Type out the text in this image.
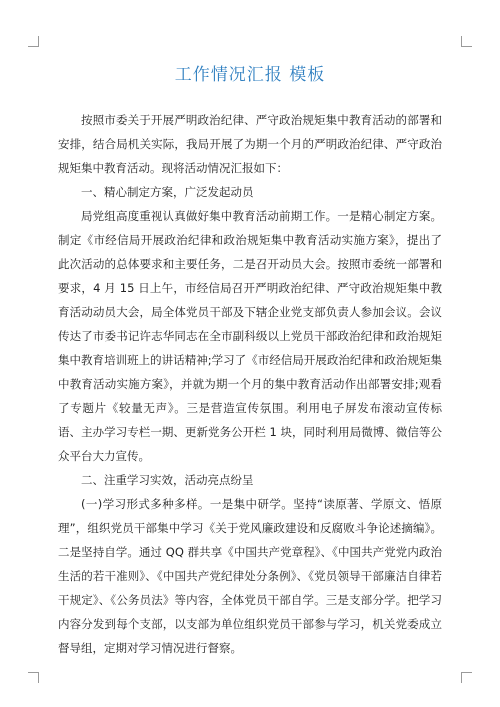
工作情况汇报 模板

按照市委关于开展严明政治纪律、严守政治规矩集中教育活动的部署和安排，结合局机关实际，我局开展了为期一个月的严明政治纪律、严守政治规矩集中教育活动。现将活动情况汇报如下：

一、精心制定方案，广泛发起动员

局党组高度重视认真做好集中教育活动前期工作。一是精心制定方案。制定《市经信局开展政治纪律和政治规矩集中教育活动实施方案》，提出了此次活动的总体要求和主要任务，二是召开动员大会。按照市委统一部署和要求，4 月 15 日上午，市经信局召开严明政治纪律、严守政治规矩集中教育活动动员大会，局全体党员干部及下辖企业党支部负责人参加会议。会议传达了市委书记许志华同志在全市副科级以上党员干部政治纪律和政治规矩集中教育培训班上的讲话精神;学习了《市经信局开展政治纪律和政治规矩集中教育活动实施方案》，并就为期一个月的集中教育活动作出部署安排;观看了专题片《较量无声》。三是营造宣传氛围。利用电子屏发布滚动宣传标语、主办学习专栏一期、更新党务公开栏 1 块，同时利用局微博、微信等公众平台大力宣传。

二、注重学习实效，活动亮点纷呈

(一)学习形式多种多样。一是集中研学。坚持“读原著、学原文、悟原理”，组织党员干部集中学习《关于党风廉政建设和反腐败斗争论述摘编》。二是坚持自学。通过 QQ 群共享《中国共产党章程》、《中国共产党党内政治生活的若干准则》、《中国共产党纪律处分条例》、《党员领导干部廉洁自律若干规定》、《公务员法》等内容，全体党员干部自学。三是支部分学。把学习内容分发到每个支部，以支部为单位组织党员干部参与学习，机关党委成立督导组，定期对学习情况进行督察。
